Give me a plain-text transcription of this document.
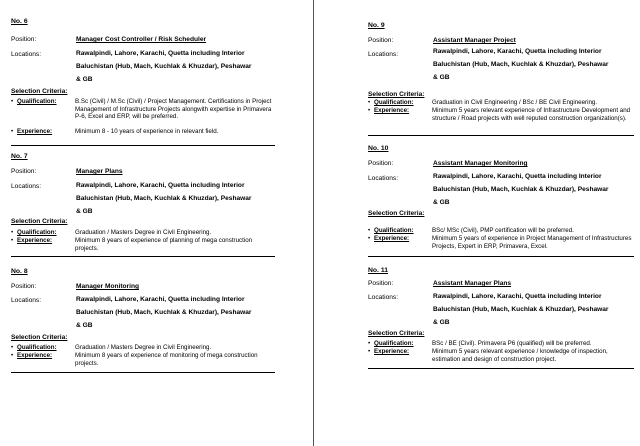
No. 6
Position:	Manager Cost Controller / Risk Scheduler
Locations:	Rawalpindi, Lahore, Karachi, Quetta including Interior
Baluchistan (Hub, Mach, Kuchlak & Khuzdar), Peshawar
& GB
Selection Criteria:
• Qualification:	B.Sc (Civil) / M.Sc (Civil) / Project Management. Certifications in Project Management of Infrastructure Projects alongwith expertise in Primavera P-6, Excel and ERP, will be preferred.
• Experience:	Minimum 8 - 10 years of experience in relevant field.
No. 7
Position:	Manager Plans
Locations:	Rawalpindi, Lahore, Karachi, Quetta including Interior
Baluchistan (Hub, Mach, Kuchlak & Khuzdar), Peshawar
& GB
Selection Criteria:
• Qualification:	Graduation / Masters Degree in Civil Engineering.
• Experience:	Minimum 8 years of experience of planning of mega construction projects.
No. 8
Position:	Manager Monitoring
Locations:	Rawalpindi, Lahore, Karachi, Quetta including Interior
Baluchistan (Hub, Mach, Kuchlak & Khuzdar), Peshawar
& GB
Selection Criteria:
• Qualification:	Graduation / Masters Degree in Civil Engineering.
• Experience:	Minimum 8 years of experience of monitoring of mega construction projects.
No. 9
Position:	Assistant Manager Project
Locations:	Rawalpindi, Lahore, Karachi, Quetta including Interior
Baluchistan (Hub, Mach, Kuchlak & Khuzdar), Peshawar
& GB
Selection Criteria:
• Qualification:	Graduation in Civil Engineering / BSc / BE Civil Engineering.
• Experience:	Minimum 5 years relevant experience of Infrastructure Development and structure / Road projects with well reputed construction organization(s).
No. 10
Position:	Assistant Manager Monitoring
Locations:	Rawalpindi, Lahore, Karachi, Quetta including Interior
Baluchistan (Hub, Mach, Kuchlak & Khuzdar), Peshawar
& GB
Selection Criteria:
• Qualification:	BSc/ MSc (Civil), PMP certification will be preferred.
• Experience:	Minimum 5 years of experience in Project Management of Infrastructures Projects, Expert in ERP, Primavera, Excel.
No. 11
Position:	Assistant Manager Plans
Locations:	Rawalpindi, Lahore, Karachi, Quetta including Interior
Baluchistan (Hub, Mach, Kuchlak & Khuzdar), Peshawar
& GB
Selection Criteria:
• Qualification:	BSc / BE (Civil). Primavera P6 (qualified) will be preferred.
• Experience:	Minimum 5 years relevant experience / knowledge of inspection, estimation and design of construction project.
